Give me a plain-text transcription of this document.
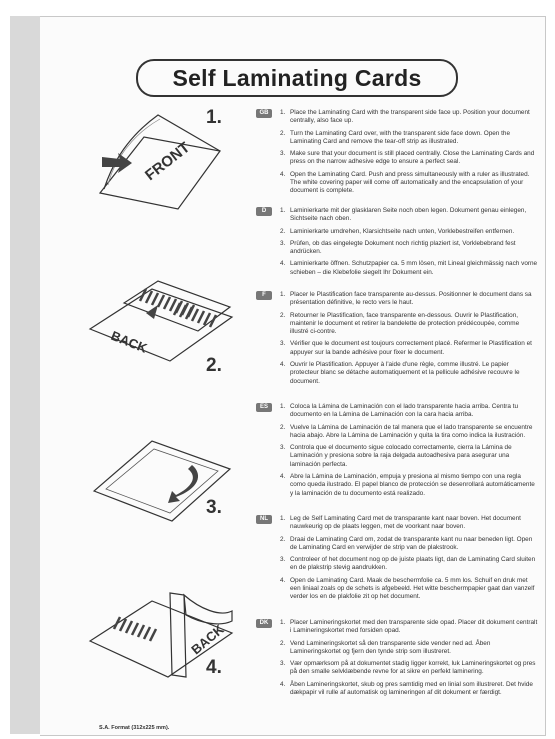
Self Laminating Cards
GB	1. Place the Laminating Card with the transparent side face up. Position your document centrally, also face up.
2. Turn the Laminating Card over, with the transparent side face down. Open the Laminating Card and remove the tear-off strip as illustrated.
3. Make sure that your document is still placed centrally. Close the Laminating Cards and press on the narrow adhesive edge to ensure a perfect seal.
4. Open the Laminating Card. Push and press simultaneously with a ruler as illustrated. The white covering paper will come off automatically and the encapsulation of your document is complete.
D	1. Laminierkarte mit der glasklaren Seite noch oben legen. Dokument genau einlegen, Sichtseite nach oben.
2. Laminierkarte umdrehen, Klarsichtseite nach unten, Vorklebestreifen entfernen.
3. Prüfen, ob das eingelegte Dokument noch richtig plaziert ist, Vorklebebrand fest andrücken.
4. Laminierkarte öffnen. Schutzpapier ca. 5 mm lösen, mit Lineal gleichmässig nach vorne schieben – die Klebefolie siegelt Ihr Dokument ein.
F	1. Placer le Plastification face transparente au-dessus. Positionner le document dans sa présentation définitive, le recto vers le haut.
2. Retourner le Plastification, face transparente en-dessous. Ouvrir le Plastification, maintenir le document et retirer la bandelette de protection prédécoupée, comme illustré ci-contre.
3. Vérifier que le document est toujours correctement placé. Refermer le Plastification et appuyer sur la bande adhésive pour fixer le document.
4. Ouvrir le Plastification. Appuyer à l'aide d'une règle, comme illustré. Le papier protecteur blanc se détache automatiquement et la pellicule adhésive recouvre le document.
ES	1. Coloca la Lámina de Laminación con el lado transparente hacia arriba. Centra tu documento en la Lámina de Laminación con la cara hacia arriba.
2. Vuelve la Lámina de Laminación de tal manera que el lado transparente se encuentre hacia abajo. Abre la Lámina de Laminación y quita la tira como indica la ilustración.
3. Controla que el documento sigue colocado correctamente, cierra la Lámina de Laminación y presiona sobre la raja delgada autoadhesiva para asegurar una laminación perfecta.
4. Abre la Lámina de Laminación, empuja y presiona al mismo tiempo con una regla como queda ilustrado. El papel blanco de protección se desenrollará automáticamente y la laminación de tu documento está realizado.
NL	1. Leg de Self Laminating Card met de transparante kant naar boven. Het document nauwkeurig op de plaats leggen, met de voorkant naar boven.
2. Draai de Laminating Card om, zodat de transparante kant nu naar beneden ligt. Open de Laminating Card en verwijder de strip van de plakstrook.
3. Controleer of het document nog op de juiste plaats ligt, dan de Laminating Card sluiten en de plakstrip stevig aandrukken.
4. Open de Laminating Card. Maak de beschermfolie ca. 5 mm los. Schuif en druk met een liniaal zoals op de schets is afgebeeld. Het witte beschermpapier gaat dan vanzelf verder los en de plakfolie zit op het document.
DK	1. Placer Lamineringskortet med den transparente side opad. Placer dit dokument centralt i Lamineringskortet med forsiden opad.
2. Vend Lamineringskortet så den transparente side vender ned ad. Åben Lamineringskortet og fjern den tynde strip som illustreret.
3. Vær opmærksom på at dokumentet stadig ligger korrekt, luk Lamineringskortet og pres på den smalle selvklæbende revne for at sikre en perfekt laminering.
4. Åben Lamineringskortet, skub og pres samtidig med en linial som illustreret. Det hvide dækpapir vil rulle af automatisk og lamineringen af dit dokument er færdigt.
S.A. Format (312x225 mm).
FRONT
1.
BACK
2.
3.
BACK
4.
